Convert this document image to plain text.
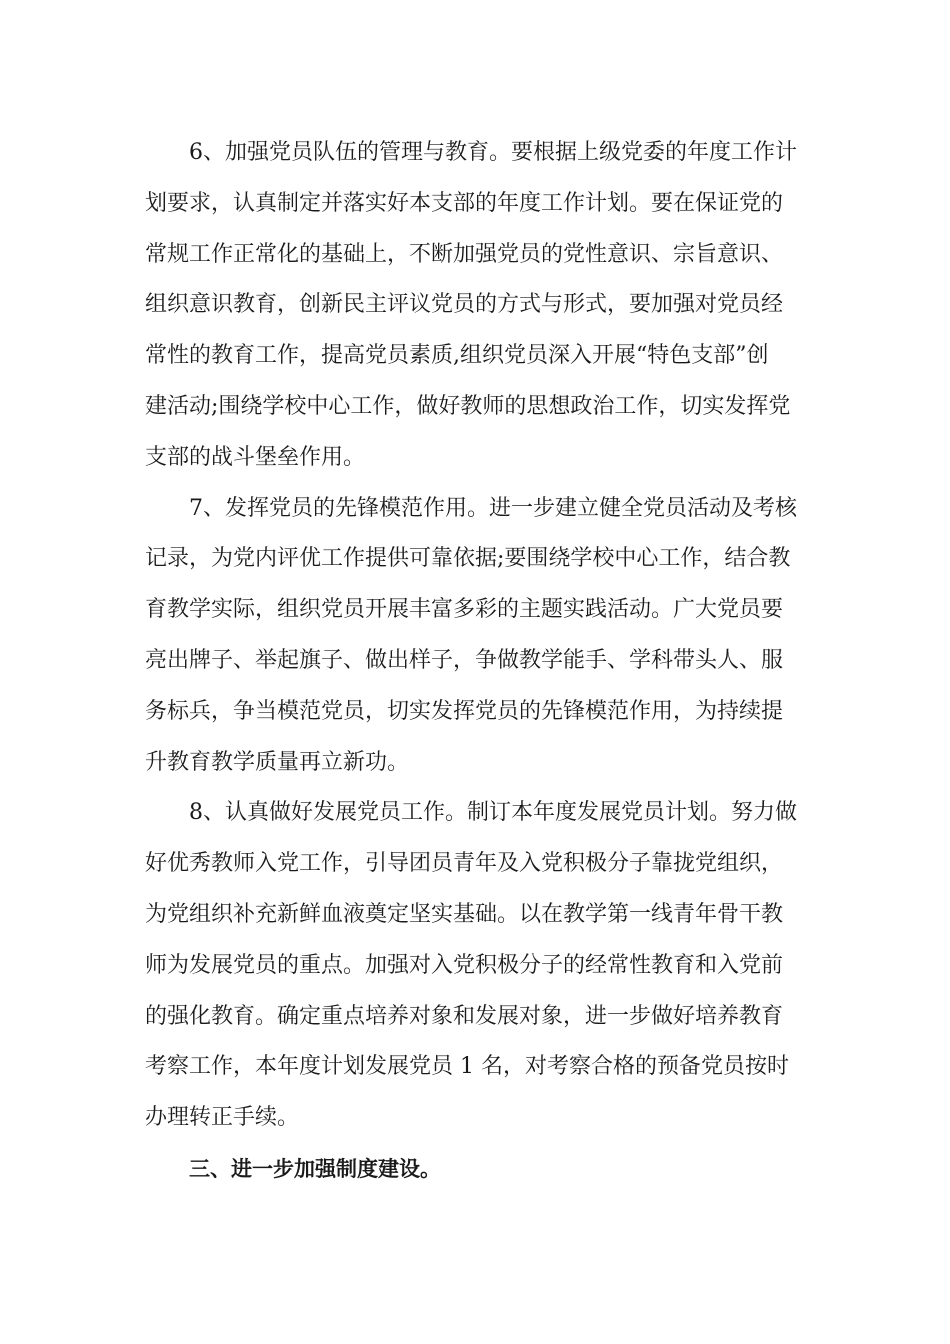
6、加强党员队伍的管理与教育。要根据上级党委的年度工作计
划要求，认真制定并落实好本支部的年度工作计划。要在保证党的
常规工作正常化的基础上，不断加强党员的党性意识、宗旨意识、
组织意识教育，创新民主评议党员的方式与形式，要加强对党员经
常性的教育工作，提高党员素质,组织党员深入开展“特色支部”创
建活动;围绕学校中心工作，做好教师的思想政治工作，切实发挥党
支部的战斗堡垒作用。
7、发挥党员的先锋模范作用。进一步建立健全党员活动及考核
记录，为党内评优工作提供可靠依据;要围绕学校中心工作，结合教
育教学实际，组织党员开展丰富多彩的主题实践活动。广大党员要
亮出牌子、举起旗子、做出样子，争做教学能手、学科带头人、服
务标兵，争当模范党员，切实发挥党员的先锋模范作用，为持续提
升教育教学质量再立新功。
8、认真做好发展党员工作。制订本年度发展党员计划。努力做
好优秀教师入党工作，引导团员青年及入党积极分子靠拢党组织，
为党组织补充新鲜血液奠定坚实基础。以在教学第一线青年骨干教
师为发展党员的重点。加强对入党积极分子的经常性教育和入党前
的强化教育。确定重点培养对象和发展对象，进一步做好培养教育
考察工作，本年度计划发展党员 1 名，对考察合格的预备党员按时
办理转正手续。
三、进一步加强制度建设。
